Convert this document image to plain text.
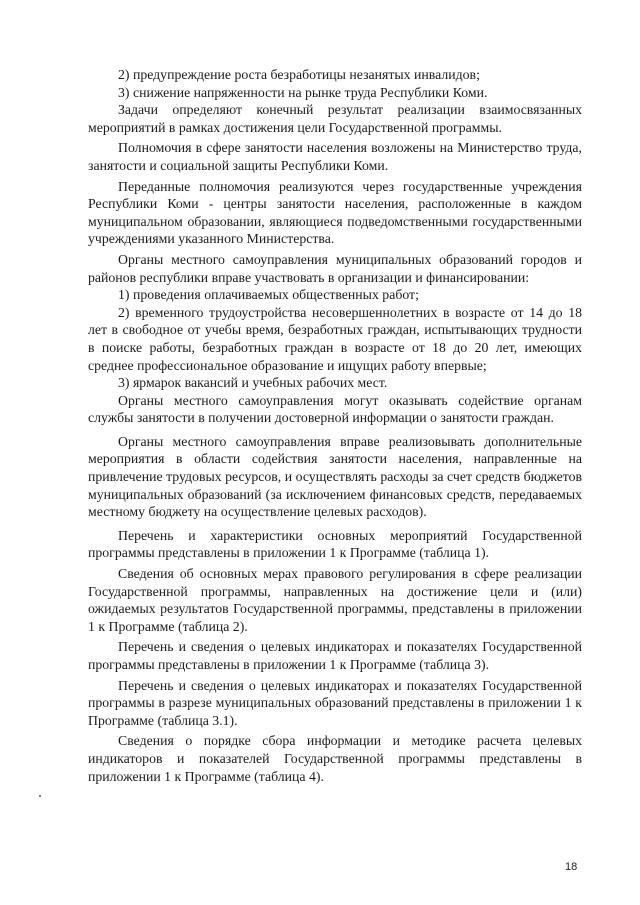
2) предупреждение роста безработицы незанятых инвалидов;

3) снижение напряженности на рынке труда Республики Коми.

Задачи определяют конечный результат реализации взаимосвязанных мероприятий в рамках достижения цели Государственной программы.

Полномочия в сфере занятости населения возложены на Министерство труда, занятости и социальной защиты Республики Коми.

Переданные полномочия реализуются через государственные учреждения Республики Коми - центры занятости населения, расположенные в каждом муниципальном образовании, являющиеся подведомственными государственными учреждениями указанного Министерства.

Органы местного самоуправления муниципальных образований городов и районов республики вправе участвовать в организации и финансировании:

1) проведения оплачиваемых общественных работ;

2) временного трудоустройства несовершеннолетних в возрасте от 14 до 18 лет в свободное от учебы время, безработных граждан, испытывающих трудности в поиске работы, безработных граждан в возрасте от 18 до 20 лет, имеющих среднее профессиональное образование и ищущих работу впервые;

3) ярмарок вакансий и учебных рабочих мест.

Органы местного самоуправления могут оказывать содействие органам службы занятости в получении достоверной информации о занятости граждан.

Органы местного самоуправления вправе реализовывать дополнительные мероприятия в области содействия занятости населения, направленные на привлечение трудовых ресурсов, и осуществлять расходы за счет средств бюджетов муниципальных образований (за исключением финансовых средств, передаваемых местному бюджету на осуществление целевых расходов).

Перечень и характеристики основных мероприятий Государственной программы представлены в приложении 1 к Программе (таблица 1).

Сведения об основных мерах правового регулирования в сфере реализации Государственной программы, направленных на достижение цели и (или) ожидаемых результатов Государственной программы, представлены в приложении 1 к Программе (таблица 2).

Перечень и сведения о целевых индикаторах и показателях Государственной программы представлены в приложении 1 к Программе (таблица 3).

Перечень и сведения о целевых индикаторах и показателях Государственной программы в разрезе муниципальных образований представлены в приложении 1 к Программе (таблица 3.1).

Сведения о порядке сбора информации и методике расчета целевых индикаторов и показателей Государственной программы представлены в приложении 1 к Программе (таблица 4).

18
